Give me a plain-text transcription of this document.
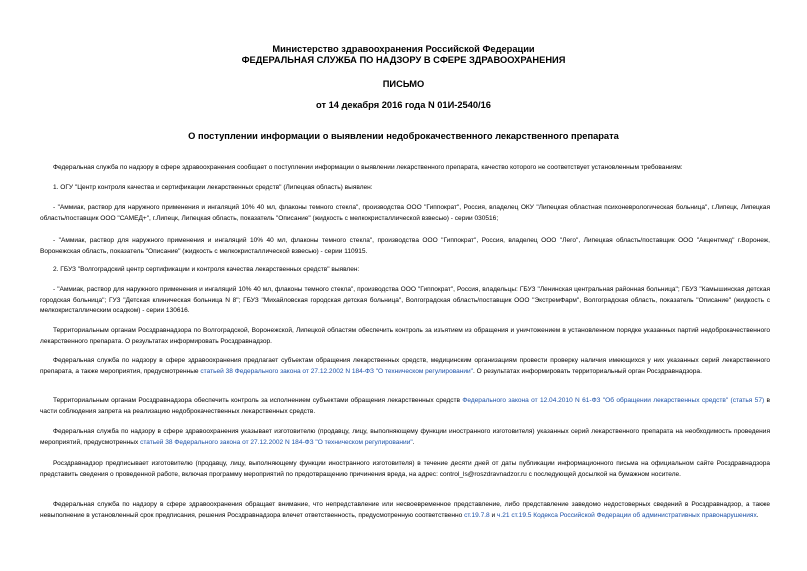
Министерство здравоохранения Российской Федерации
ФЕДЕРАЛЬНАЯ СЛУЖБА ПО НАДЗОРУ В СФЕРЕ ЗДРАВООХРАНЕНИЯ
ПИСЬМО
от 14 декабря 2016 года N 01И-2540/16
О поступлении информации о выявлении недоброкачественного лекарственного препарата
Федеральная служба по надзору в сфере здравоохранения сообщает о поступлении информации о выявлении лекарственного препарата, качество которого не соответствует установленным требованиям:
1. ОГУ "Центр контроля качества и сертификации лекарственных средств" (Липецкая область) выявлен:
- "Аммиак, раствор для наружного применения и ингаляций 10% 40 мл, флаконы темного стекла", производства ООО "Гиппократ", Россия, владелец ОКУ "Липецкая областная психоневрологическая больница", г.Липецк, Липецкая область/поставщик ООО "САМЕД+", г.Липецк, Липецкая область, показатель "Описание" (жидкость с мелкокристаллической взвесью) - серии 030516;
- "Аммиак, раствор для наружного применения и ингаляций 10% 40 мл, флаконы темного стекла", производства ООО "Гиппократ", Россия, владелец ООО "Лего", Липецкая область/поставщик ООО "Акцентмед" г.Воронеж, Воронежская область, показатель "Описание" (жидкость с мелкокристаллической взвесью) - серии 110915.
2. ГБУЗ "Волгоградский центр сертификации и контроля качества лекарственных средств" выявлен:
- "Аммиак, раствор для наружного применения и ингаляций 10% 40 мл, флаконы темного стекла", производства ООО "Гиппократ", Россия, владельцы: ГБУЗ "Ленинская центральная районная больница"; ГБУЗ "Камышинская детская городская больница"; ГУЗ "Детская клиническая больница N 8"; ГБУЗ "Михайловская городская детская больница", Волгоградская область/поставщик ООО "ЭкстремФарм", Волгоградская область, показатель "Описание" (жидкость с мелкокристаллическим осадком) - серии 130616.
Территориальным органам Росздравнадзора по Волгоградской, Воронежской, Липецкой областям обеспечить контроль за изъятием из обращения и уничтожением в установленном порядке указанных партий недоброкачественного лекарственного препарата. О результатах информировать Росздравнадзор.
Федеральная служба по надзору в сфере здравоохранения предлагает субъектам обращения лекарственных средств, медицинским организациям провести проверку наличия имеющихся у них указанных серий лекарственного препарата, а также мероприятия, предусмотренные статьей 38 Федерального закона от 27.12.2002 N 184-ФЗ "О техническом регулировании". О результатах информировать территориальный орган Росздравнадзора.
Территориальным органам Росздравнадзора обеспечить контроль за исполнением субъектами обращения лекарственных средств Федерального закона от 12.04.2010 N 61-ФЗ "Об обращении лекарственных средств" (статья 57) в части соблюдения запрета на реализацию недоброкачественных лекарственных средств.
Федеральная служба по надзору в сфере здравоохранения указывает изготовителю (продавцу, лицу, выполняющему функции иностранного изготовителя) указанных серий лекарственного препарата на необходимость проведения мероприятий, предусмотренных статьей 38 Федерального закона от 27.12.2002 N 184-ФЗ "О техническом регулировании".
Росздравнадзор предписывает изготовителю (продавцу, лицу, выполняющему функции иностранного изготовителя) в течение десяти дней от даты публикации информационного письма на официальном сайте Росздравнадзора представить сведения о проведенной работе, включая программу мероприятий по предотвращению причинения вреда, на адрес: control_ls@roszdravnadzor.ru с последующей досылкой на бумажном носителе.
Федеральная служба по надзору в сфере здравоохранения обращает внимание, что непредставление или несвоевременное представление, либо представление заведомо недостоверных сведений в Росздравнадзор, а также невыполнение в установленный срок предписания, решения Росздравнадзора влечет ответственность, предусмотренную соответственно ст.19.7.8 и ч.21 ст.19.5 Кодекса Российской Федерации об административных правонарушениях.
